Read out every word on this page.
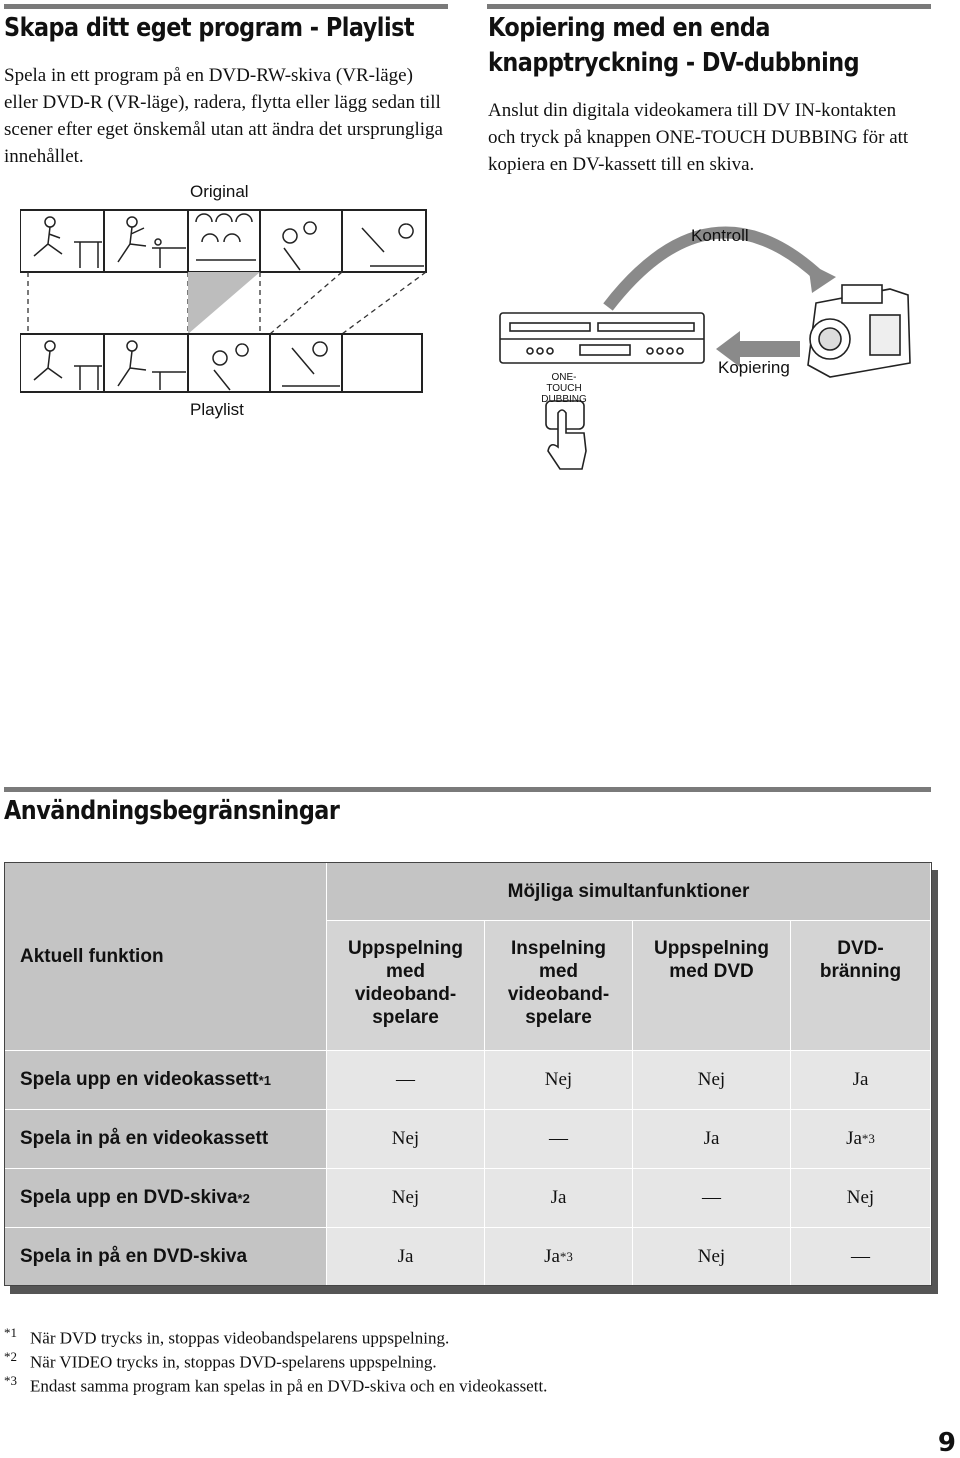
Skapa ditt eget program - Playlist
Spela in ett program på en DVD-RW-skiva (VR-läge) eller DVD-R (VR-läge), radera, flytta eller lägg sedan till scener efter eget önskemål utan att ändra det ursprungliga innehållet.
Original
Playlist
Kopiering med en enda
knapptryckning - DV-dubbning
Anslut din digitala videokamera till DV IN-kontakten och tryck på knappen ONE-TOUCH DUBBING för att kopiera en DV-kassett till en skiva.
Kontroll
Kopiering
ONE-TOUCH
DUBBING
Användningsbegränsningar
Aktuell funktion
Möjliga simultanfunktioner
Uppspelning
med
videoband-
spelare
Inspelning
med
videoband-
spelare
Uppspelning
med DVD
DVD-
bränning
Spela upp en videokassett *1	—	Nej	Nej	Ja
Spela in på en videokassett	Nej	—	Ja	Ja *3
Spela upp en DVD-skiva *2	Nej	Ja	—	Nej
Spela in på en DVD-skiva	Ja	Ja *3	Nej	—
$^{*1}$ När DVD trycks in, stoppas videobandspelarens uppspelning.
$^{*2}$ När VIDEO trycks in, stoppas DVD-spelarens uppspelning.
$^{*3}$ Endast samma program kan spelas in på en DVD-skiva och en videokassett.
9
